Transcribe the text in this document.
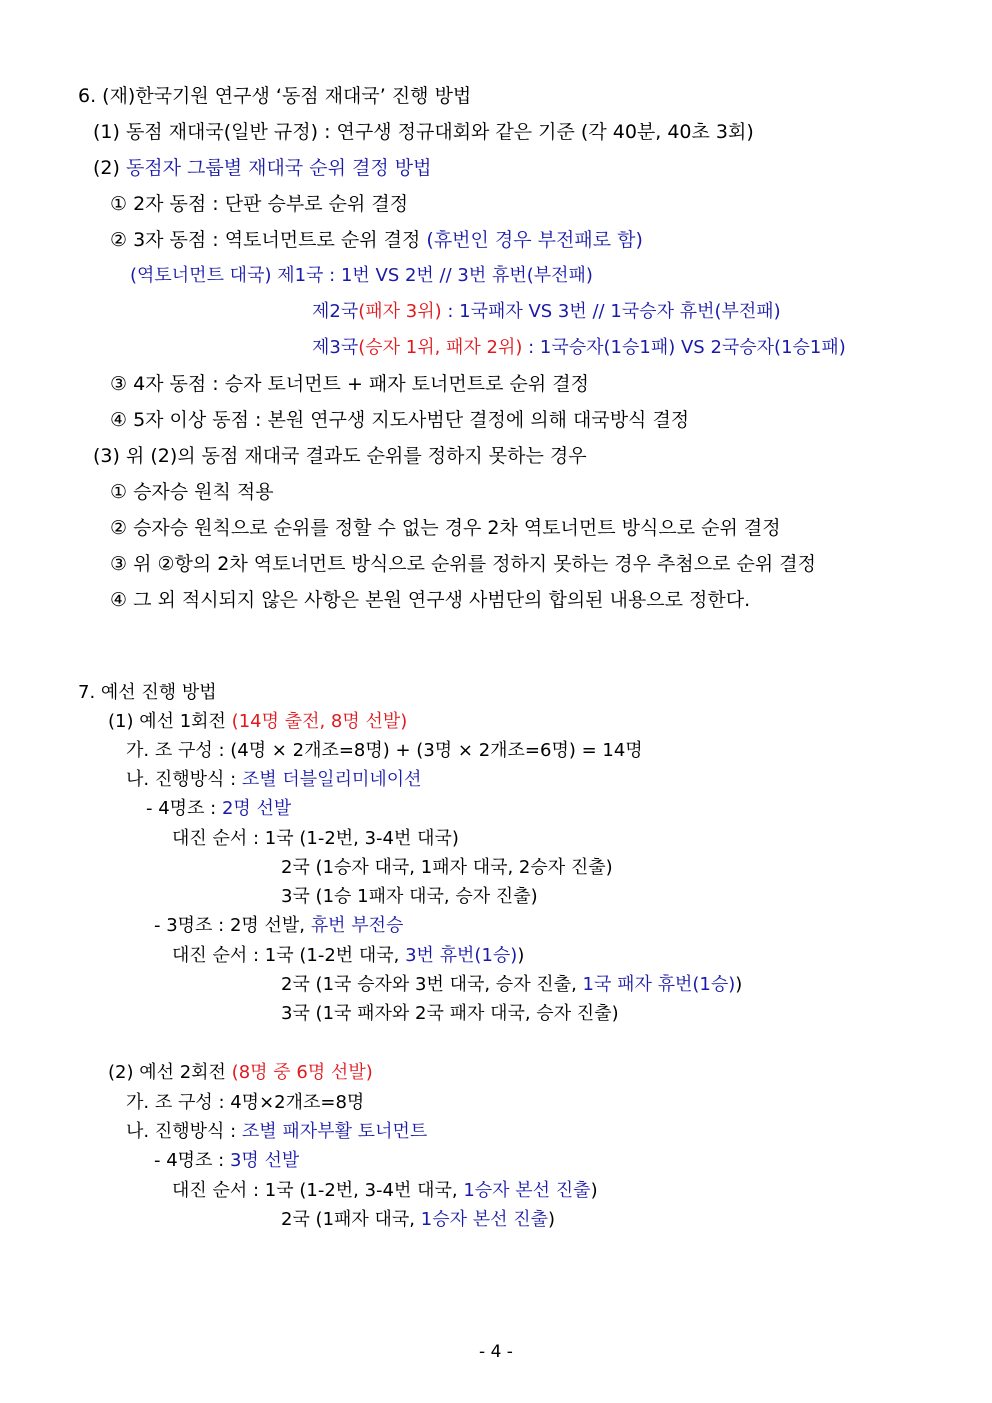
6. (재)한국기원 연구생 ‘동점 재대국’ 진행 방법
(1) 동점 재대국(일반 규정) : 연구생 정규대회와 같은 기준 (각 40분, 40초 3회)
(2) 동점자 그룹별 재대국 순위 결정 방법
① 2자 동점 : 단판 승부로 순위 결정
② 3자 동점 : 역토너먼트로 순위 결정 (휴번인 경우 부전패로 함)
(역토너먼트 대국) 제1국 : 1번 VS 2번 // 3번 휴번(부전패)
제2국(패자 3위) : 1국패자 VS 3번 // 1국승자 휴번(부전패)
제3국(승자 1위, 패자 2위) : 1국승자(1승1패) VS 2국승자(1승1패)
③ 4자 동점 : 승자 토너먼트 + 패자 토너먼트로 순위 결정
④ 5자 이상 동점 : 본원 연구생 지도사범단 결정에 의해 대국방식 결정
(3) 위 (2)의 동점 재대국 결과도 순위를 정하지 못하는 경우
① 승자승 원칙 적용
② 승자승 원칙으로 순위를 정할 수 없는 경우 2차 역토너먼트 방식으로 순위 결정
③ 위 ②항의 2차 역토너먼트 방식으로 순위를 정하지 못하는 경우 추첨으로 순위 결정
④ 그 외 적시되지 않은 사항은 본원 연구생 사범단의 합의된 내용으로 정한다.
7. 예선 진행 방법
(1) 예선 1회전 (14명 출전, 8명 선발)
가. 조 구성 : (4명 × 2개조=8명) + (3명 × 2개조=6명) = 14명
나. 진행방식 : 조별 더블일리미네이션
- 4명조 : 2명 선발
대진 순서 : 1국 (1-2번, 3-4번 대국)
2국 (1승자 대국, 1패자 대국, 2승자 진출)
3국 (1승 1패자 대국, 승자 진출)
- 3명조 : 2명 선발, 휴번 부전승
대진 순서 : 1국 (1-2번 대국, 3번 휴번(1승))
2국 (1국 승자와 3번 대국, 승자 진출, 1국 패자 휴번(1승))
3국 (1국 패자와 2국 패자 대국, 승자 진출)
(2) 예선 2회전 (8명 중 6명 선발)
가. 조 구성 : 4명×2개조=8명
나. 진행방식 : 조별 패자부활 토너먼트
- 4명조 : 3명 선발
대진 순서 : 1국 (1-2번, 3-4번 대국, 1승자 본선 진출)
2국 (1패자 대국, 1승자 본선 진출)
- 4 -
